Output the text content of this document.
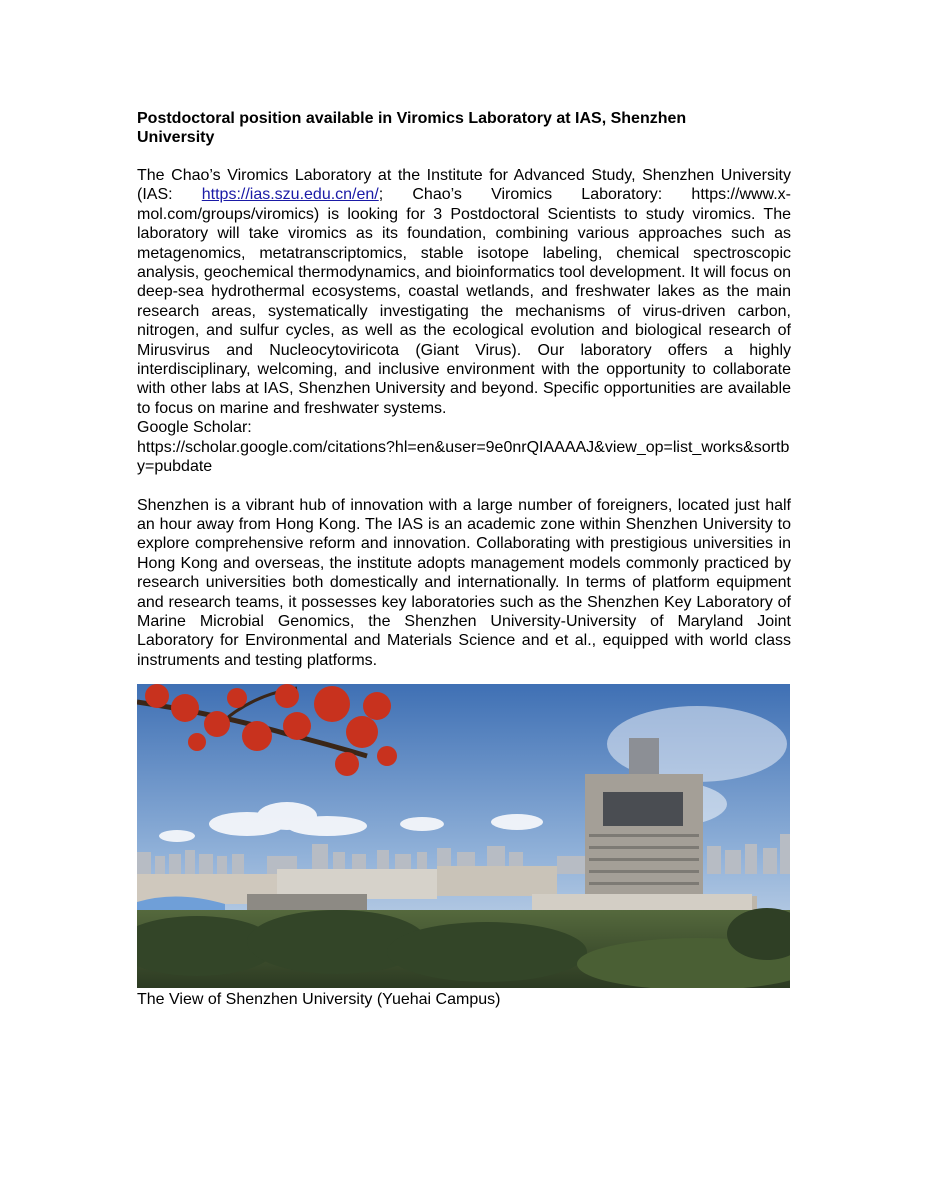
Postdoctoral position available in Viromics Laboratory at IAS, Shenzhen University

The Chao’s Viromics Laboratory at the Institute for Advanced Study, Shenzhen University (IAS: https://ias.szu.edu.cn/en/; Chao’s Viromics Laboratory: https://www.x-mol.com/groups/viromics) is looking for 3 Postdoctoral Scientists to study viromics. The laboratory will take viromics as its foundation, combining various approaches such as metagenomics, metatranscriptomics, stable isotope labeling, chemical spectroscopic analysis, geochemical thermodynamics, and bioinformatics tool development. It will focus on deep-sea hydrothermal ecosystems, coastal wetlands, and freshwater lakes as the main research areas, systematically investigating the mechanisms of virus-driven carbon, nitrogen, and sulfur cycles, as well as the ecological evolution and biological research of Mirusvirus and Nucleocytoviricota (Giant Virus). Our laboratory offers a highly interdisciplinary, welcoming, and inclusive environment with the opportunity to collaborate with other labs at IAS, Shenzhen University and beyond. Specific opportunities are available to focus on marine and freshwater systems.

Google Scholar:

https://scholar.google.com/citations?hl=en&user=9e0nrQIAAAAJ&view_op=list_works&sortby=pubdate

Shenzhen is a vibrant hub of innovation with a large number of foreigners, located just half an hour away from Hong Kong. The IAS is an academic zone within Shenzhen University to explore comprehensive reform and innovation. Collaborating with prestigious universities in Hong Kong and overseas, the institute adopts management models commonly practiced by research universities both domestically and internationally. In terms of platform equipment and research teams, it possesses key laboratories such as the Shenzhen Key Laboratory of Marine Microbial Genomics, the Shenzhen University-University of Maryland Joint Laboratory for Environmental and Materials Science and et al., equipped with world class instruments and testing platforms.

The View of Shenzhen University (Yuehai Campus)
